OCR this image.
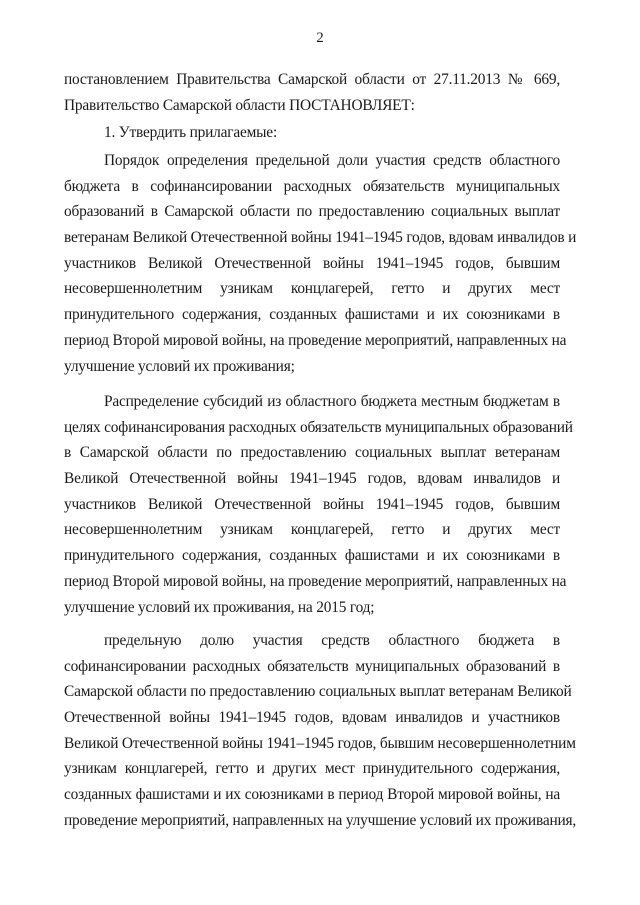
2
постановлением Правительства Самарской области от 27.11.2013 № 669,
Правительство Самарской области ПОСТАНОВЛЯЕТ:
1. Утвердить прилагаемые:
Порядок определения предельной доли участия средств областного
бюджета в софинансировании расходных обязательств муниципальных
образований в Самарской области по предоставлению социальных выплат
ветеранам Великой Отечественной войны 1941–1945 годов, вдовам инвалидов и
участников Великой Отечественной войны 1941–1945 годов, бывшим
несовершеннолетним узникам концлагерей, гетто и других мест
принудительного содержания, созданных фашистами и их союзниками в
период Второй мировой войны, на проведение мероприятий, направленных на
улучшение условий их проживания;
Распределение субсидий из областного бюджета местным бюджетам в
целях софинансирования расходных обязательств муниципальных образований
в Самарской области по предоставлению социальных выплат ветеранам
Великой Отечественной войны 1941–1945 годов, вдовам инвалидов и
участников Великой Отечественной войны 1941–1945 годов, бывшим
несовершеннолетним узникам концлагерей, гетто и других мест
принудительного содержания, созданных фашистами и их союзниками в
период Второй мировой войны, на проведение мероприятий, направленных на
улучшение условий их проживания, на 2015 год;
предельную долю участия средств областного бюджета в
софинансировании расходных обязательств муниципальных образований в
Самарской области по предоставлению социальных выплат ветеранам Великой
Отечественной войны 1941–1945 годов, вдовам инвалидов и участников
Великой Отечественной войны 1941–1945 годов, бывшим несовершеннолетним
узникам концлагерей, гетто и других мест принудительного содержания,
созданных фашистами и их союзниками в период Второй мировой войны, на
проведение мероприятий, направленных на улучшение условий их проживания,
